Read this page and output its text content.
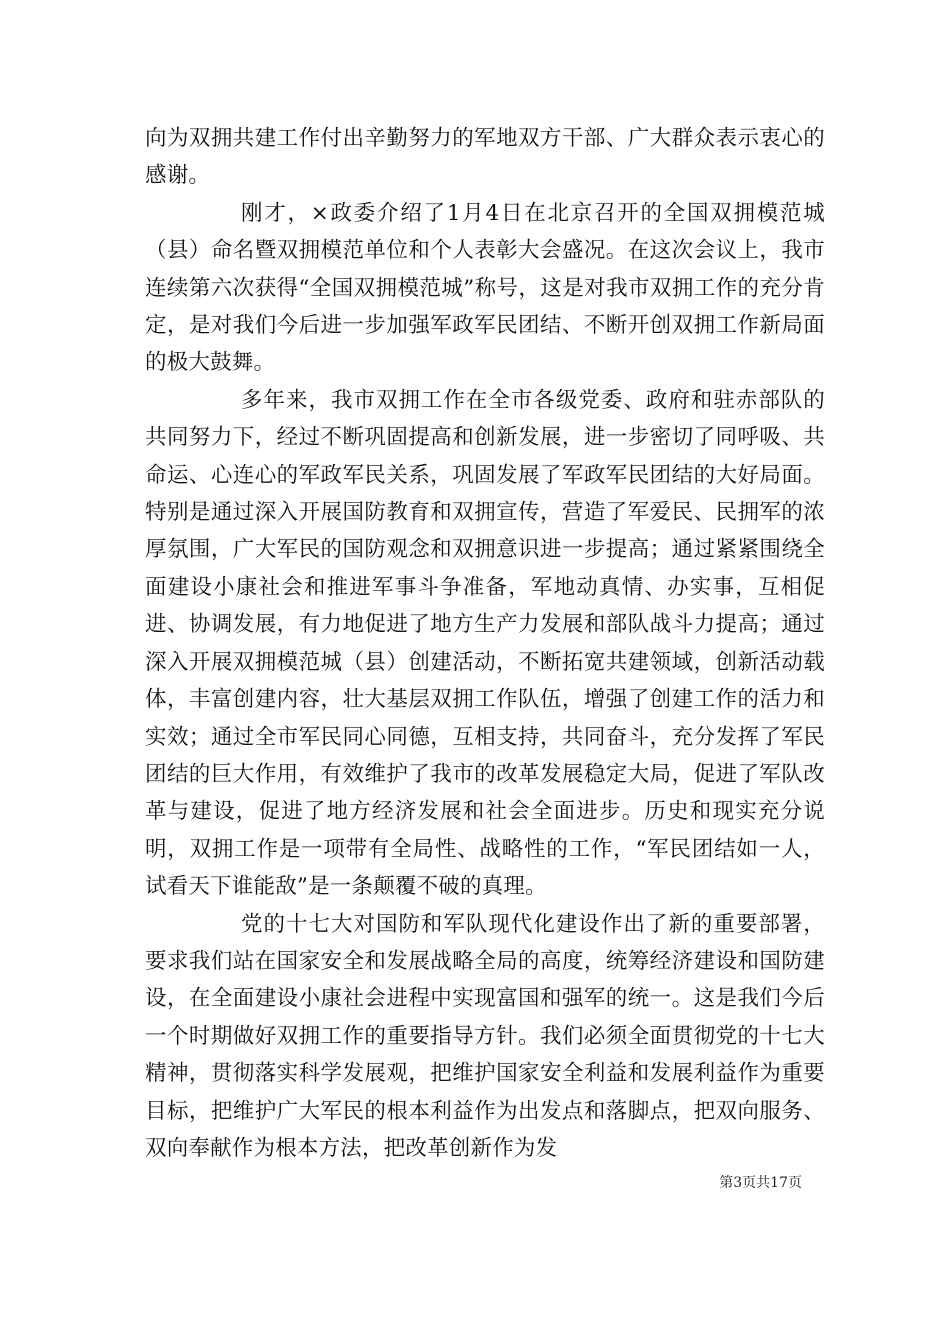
向为双拥共建工作付出辛勤努力的军地双方干部、广大群众表示衷心的感谢。

刚才，×政委介绍了1月4日在北京召开的全国双拥模范城（县）命名暨双拥模范单位和个人表彰大会盛况。在这次会议上，我市连续第六次获得“全国双拥模范城”称号，这是对我市双拥工作的充分肯定，是对我们今后进一步加强军政军民团结、不断开创双拥工作新局面的极大鼓舞。

多年来，我市双拥工作在全市各级党委、政府和驻赤部队的共同努力下，经过不断巩固提高和创新发展，进一步密切了同呼吸、共命运、心连心的军政军民关系，巩固发展了军政军民团结的大好局面。特别是通过深入开展国防教育和双拥宣传，营造了军爱民、民拥军的浓厚氛围，广大军民的国防观念和双拥意识进一步提高；通过紧紧围绕全面建设小康社会和推进军事斗争准备，军地动真情、办实事，互相促进、协调发展，有力地促进了地方生产力发展和部队战斗力提高；通过深入开展双拥模范城（县）创建活动，不断拓宽共建领域，创新活动载体，丰富创建内容，壮大基层双拥工作队伍，增强了创建工作的活力和实效；通过全市军民同心同德，互相支持，共同奋斗，充分发挥了军民团结的巨大作用，有效维护了我市的改革发展稳定大局，促进了军队改革与建设，促进了地方经济发展和社会全面进步。历史和现实充分说明，双拥工作是一项带有全局性、战略性的工作，“军民团结如一人，试看天下谁能敌”是一条颠覆不破的真理。

党的十七大对国防和军队现代化建设作出了新的重要部署，要求我们站在国家安全和发展战略全局的高度，统筹经济建设和国防建设，在全面建设小康社会进程中实现富国和强军的统一。这是我们今后一个时期做好双拥工作的重要指导方针。我们必须全面贯彻党的十七大精神，贯彻落实科学发展观，把维护国家安全利益和发展利益作为重要目标，把维护广大军民的根本利益作为出发点和落脚点，把双向服务、双向奉献作为根本方法，把改革创新作为发

第3页共17页
